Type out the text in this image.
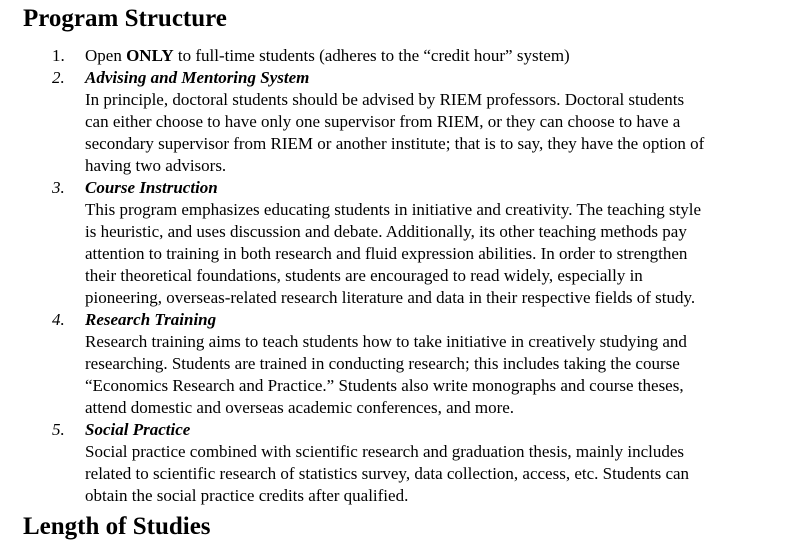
Program Structure
1.	Open ONLY to full-time students (adheres to the “credit hour” system)
2.	Advising and Mentoring System
In principle, doctoral students should be advised by RIEM professors. Doctoral students
can either choose to have only one supervisor from RIEM, or they can choose to have a
secondary supervisor from RIEM or another institute; that is to say, they have the option of
having two advisors.
3.	Course Instruction
This program emphasizes educating students in initiative and creativity. The teaching style
is heuristic, and uses discussion and debate. Additionally, its other teaching methods pay
attention to training in both research and fluid expression abilities. In order to strengthen
their theoretical foundations, students are encouraged to read widely, especially in
pioneering, overseas-related research literature and data in their respective fields of study.
4.	Research Training
Research training aims to teach students how to take initiative in creatively studying and
researching. Students are trained in conducting research; this includes taking the course
“Economics Research and Practice.” Students also write monographs and course theses,
attend domestic and overseas academic conferences, and more.
5.	Social Practice
Social practice combined with scientific research and graduation thesis, mainly includes
related to scientific research of statistics survey, data collection, access, etc. Students can
obtain the social practice credits after qualified.
Length of Studies
